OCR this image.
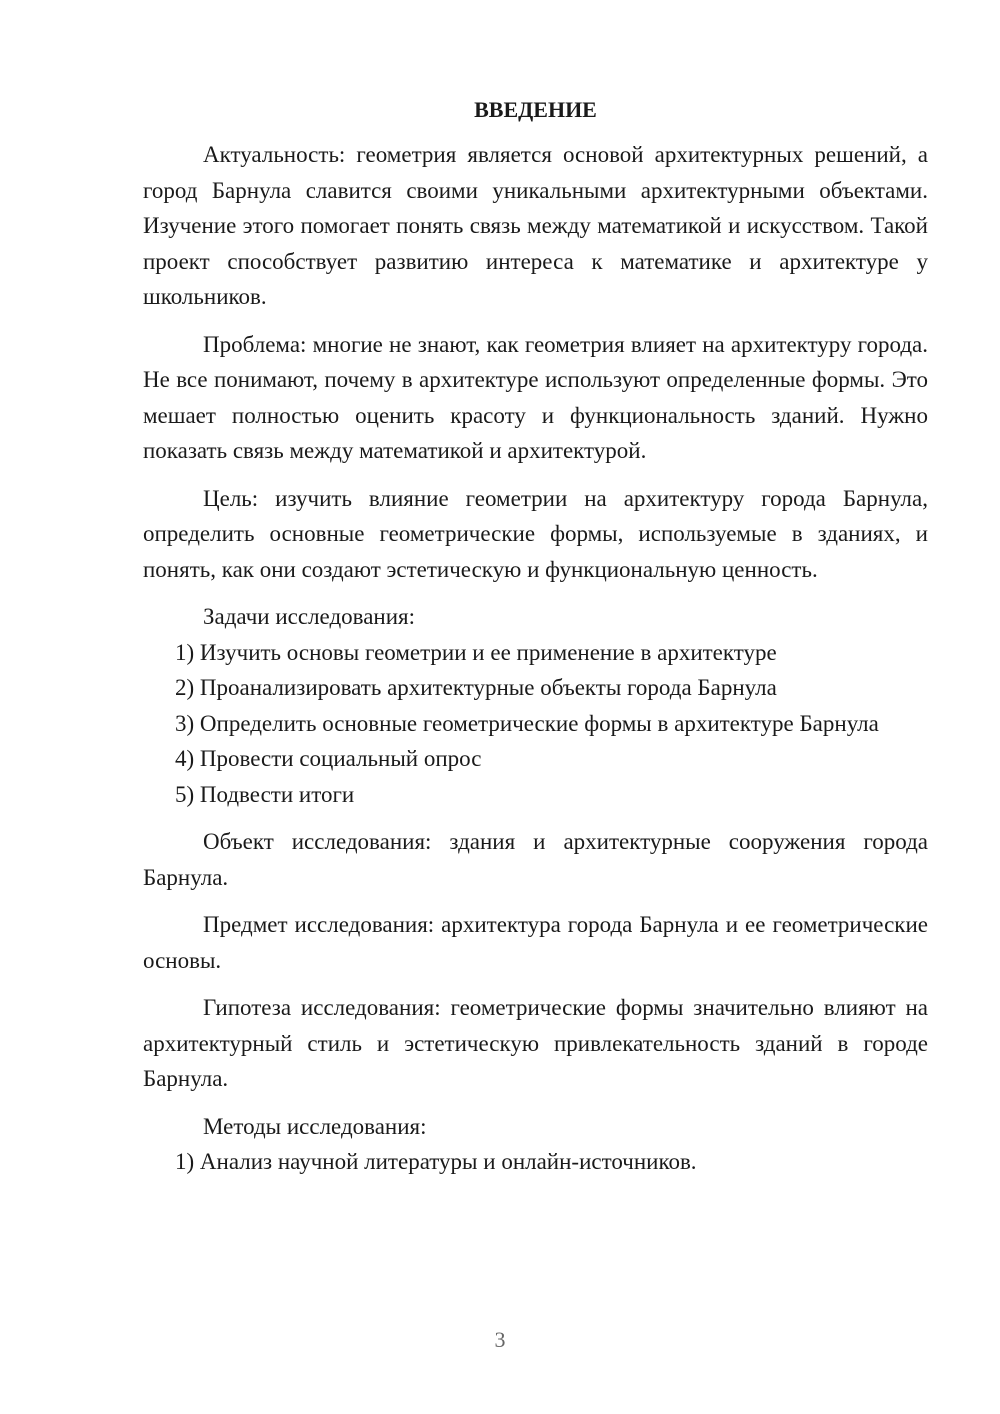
ВВЕДЕНИЕ

Актуальность: геометрия является основой архитектурных решений, а город Барнула славится своими уникальными архитектурными объектами. Изучение этого помогает понять связь между математикой и искусством. Такой проект способствует развитию интереса к математике и архитектуре у школьников.

Проблема: многие не знают, как геометрия влияет на архитектуру города. Не все понимают, почему в архитектуре используют определенные формы. Это мешает полностью оценить красоту и функциональность зданий. Нужно показать связь между математикой и архитектурой.

Цель: изучить влияние геометрии на архитектуру города Барнула, определить основные геометрические формы, используемые в зданиях, и понять, как они создают эстетическую и функциональную ценность.

Задачи исследования:

1) Изучить основы геометрии и ее применение в архитектуре

2) Проанализировать архитектурные объекты города Барнула

3) Определить основные геометрические формы в архитектуре Барнула

4) Провести социальный опрос

5) Подвести итоги

Объект исследования: здания и архитектурные сооружения города Барнула.

Предмет исследования: архитектура города Барнула и ее геометрические основы.

Гипотеза исследования: геометрические формы значительно влияют на архитектурный стиль и эстетическую привлекательность зданий в городе Барнула.

Методы исследования:

1) Анализ научной литературы и онлайн-источников.

3
